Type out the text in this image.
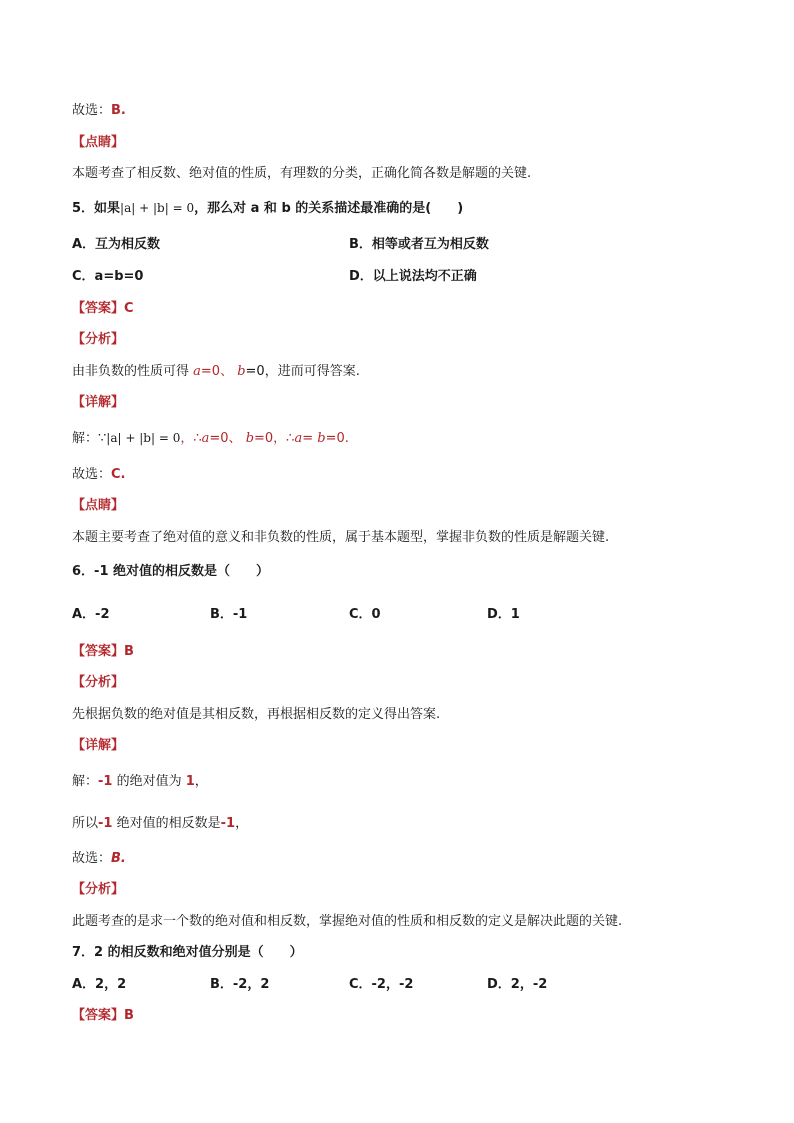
故选：B.
【点睛】
本题考查了相反数、绝对值的性质，有理数的分类，正确化简各数是解题的关键.
5．如果|a| + |b| = 0，那么对 a 和 b 的关系描述最准确的是(　　)
A．互为相反数	B．相等或者互为相反数
C．a=b=0	D．以上说法均不正确
【答案】C
【分析】
由非负数的性质可得 a=0、 b=0，进而可得答案.
【详解】
解：∵|a| + |b| = 0，∴a=0、 b=0，∴a= b=0.
故选：C.
【点睛】
本题主要考查了绝对值的意义和非负数的性质，属于基本题型，掌握非负数的性质是解题关键.
6．-1 绝对值的相反数是（　　）
A．-2	B．-1	C．0	D．1
【答案】B
【分析】
先根据负数的绝对值是其相反数，再根据相反数的定义得出答案.
【详解】
解：-1 的绝对值为 1，
所以-1 绝对值的相反数是-1，
故选：B.
【分析】
此题考查的是求一个数的绝对值和相反数，掌握绝对值的性质和相反数的定义是解决此题的关键.
7．2 的相反数和绝对值分别是（　　）
A．2，2	B．-2，2	C．-2，-2	D．2，-2
【答案】B
